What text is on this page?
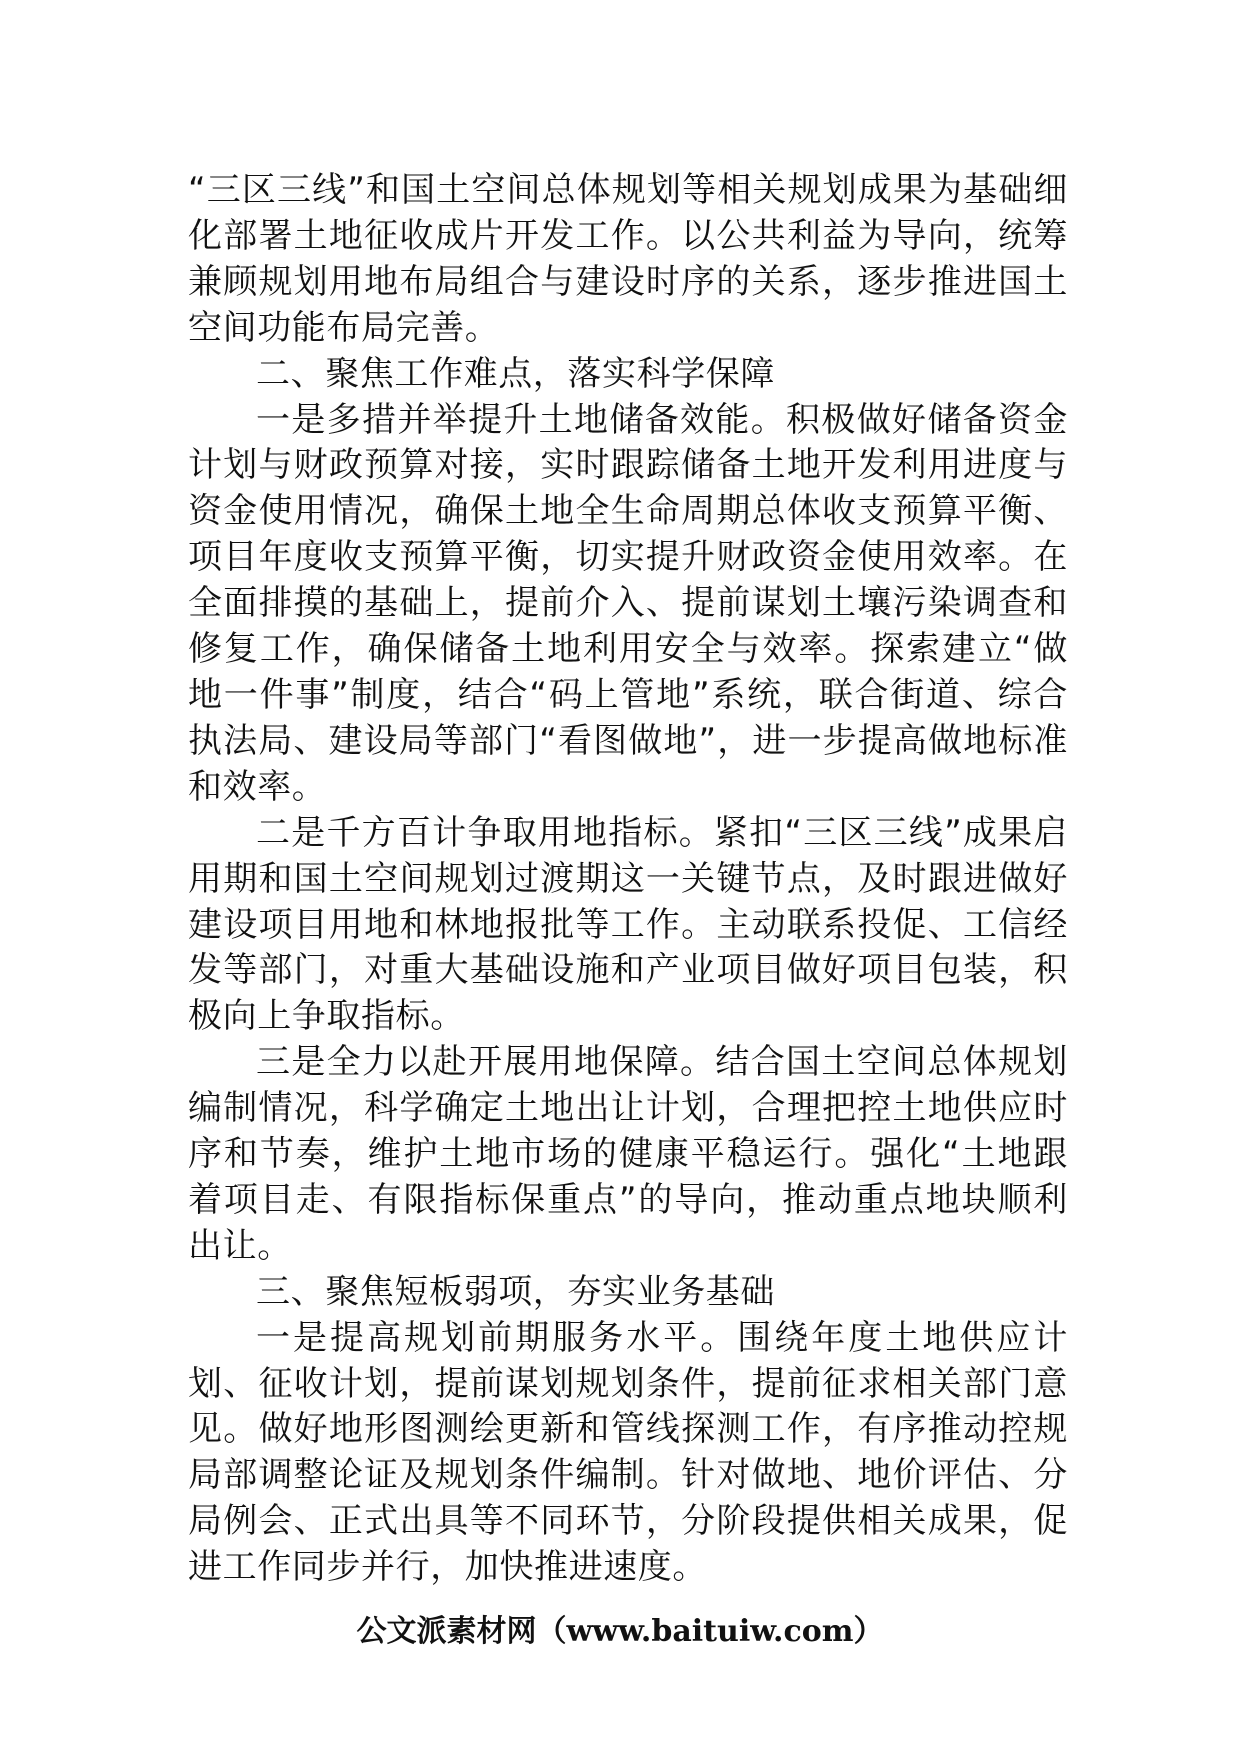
“三区三线”和国土空间总体规划等相关规划成果为基础细化部署土地征收成片开发工作。以公共利益为导向，统筹兼顾规划用地布局组合与建设时序的关系，逐步推进国土空间功能布局完善。

二、聚焦工作难点，落实科学保障

一是多措并举提升土地储备效能。积极做好储备资金计划与财政预算对接，实时跟踪储备土地开发利用进度与资金使用情况，确保土地全生命周期总体收支预算平衡、项目年度收支预算平衡，切实提升财政资金使用效率。在全面排摸的基础上，提前介入、提前谋划土壤污染调查和修复工作，确保储备土地利用安全与效率。探索建立“做地一件事”制度，结合“码上管地”系统，联合街道、综合执法局、建设局等部门“看图做地”，进一步提高做地标准和效率。

二是千方百计争取用地指标。紧扣“三区三线”成果启用期和国土空间规划过渡期这一关键节点，及时跟进做好建设项目用地和林地报批等工作。主动联系投促、工信经发等部门，对重大基础设施和产业项目做好项目包装，积极向上争取指标。

三是全力以赴开展用地保障。结合国土空间总体规划编制情况，科学确定土地出让计划，合理把控土地供应时序和节奏，维护土地市场的健康平稳运行。强化“土地跟着项目走、有限指标保重点”的导向，推动重点地块顺利出让。

三、聚焦短板弱项，夯实业务基础

一是提高规划前期服务水平。围绕年度土地供应计划、征收计划，提前谋划规划条件，提前征求相关部门意见。做好地形图测绘更新和管线探测工作，有序推动控规局部调整论证及规划条件编制。针对做地、地价评估、分局例会、正式出具等不同环节，分阶段提供相关成果，促进工作同步并行，加快推进速度。

公文派素材网（www.baituiw.com）
